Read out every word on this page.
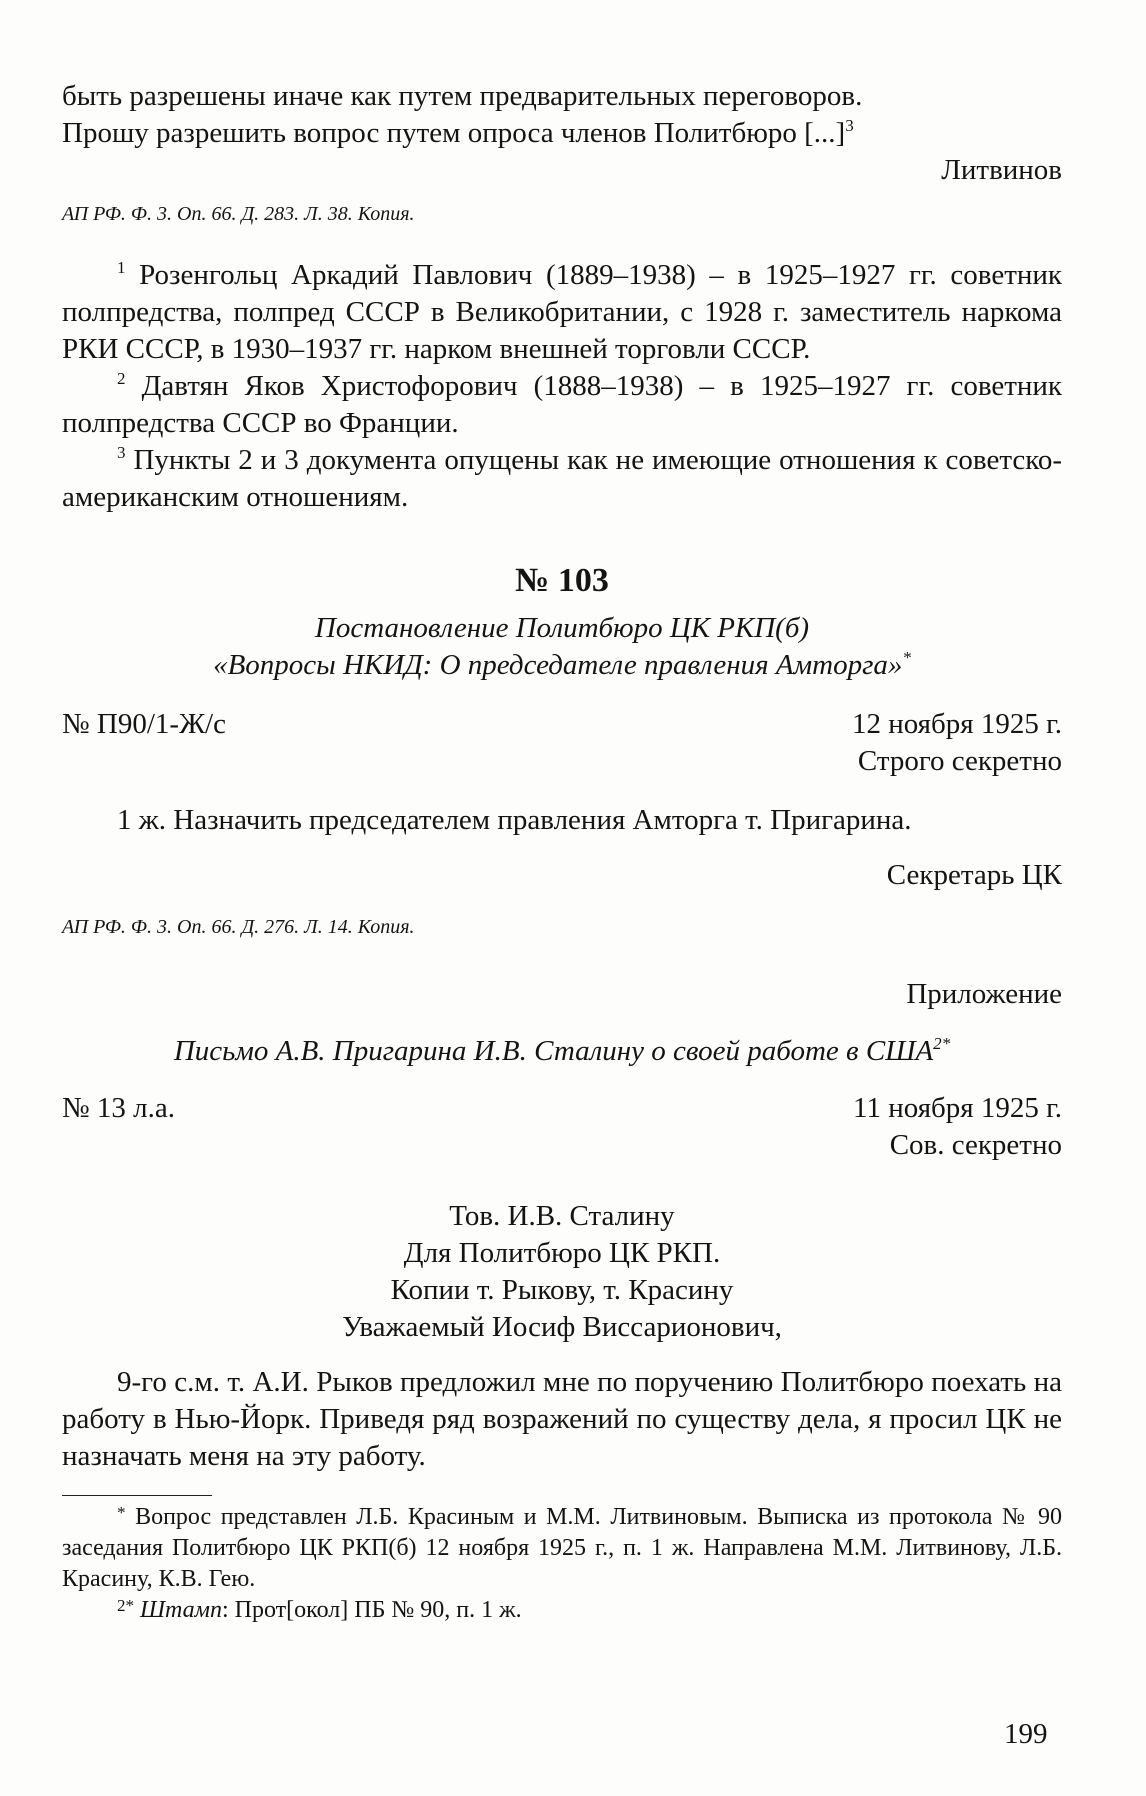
быть разрешены иначе как путем предварительных переговоров.
Прошу разрешить вопрос путем опроса членов Политбюро [...]$^3$

Литвинов

АП РФ. Ф. 3. Оп. 66. Д. 283. Л. 38. Копия.

$^1$ Розенгольц Аркадий Павлович (1889–1938) – в 1925–1927 гг. советник полпредства, полпред СССР в Великобритании, с 1928 г. заместитель наркома РКИ СССР, в 1930–1937 гг. нарком внешней торговли СССР.

$^2$ Давтян Яков Христофорович (1888–1938) – в 1925–1927 гг. советник полпредства СССР во Франции.

$^3$ Пункты 2 и 3 документа опущены как не имеющие отношения к советско-американским отношениям.

№ 103

Постановление Политбюро ЦК РКП(б)
«Вопросы НКИД: О председателе правления Амторга»*

№ П90/1-Ж/с	12 ноября 1925 г.

Строго секретно

1 ж. Назначить председателем правления Амторга т. Пригарина.

Секретарь ЦК

АП РФ. Ф. 3. Оп. 66. Д. 276. Л. 14. Копия.

Приложение

Письмо А.В. Пригарина И.В. Сталину о своей работе в $США^{2*}$

№ 13 л.а.	11 ноября 1925 г.

Сов. секретно

Тов. И.В. Сталину

Для Политбюро ЦК РКП.

Копии т. Рыкову, т. Красину

Уважаемый Иосиф Виссарионович,

9-го с.м. т. А.И. Рыков предложил мне по поручению Политбюро поехать на работу в Нью-Йорк. Приведя ряд возражений по существу дела, я просил ЦК не назначать меня на эту работу.

* Вопрос представлен Л.Б. Красиным и М.М. Литвиновым. Выписка из протокола № 90 заседания Политбюро ЦК РКП(б) 12 ноября 1925 г., п. 1 ж. Направлена М.М. Литвинову, Л.Б. Красину, К.В. Гею.

$^{2*}$ Штамп: Прот[окол] ПБ № 90, п. 1 ж.

199
